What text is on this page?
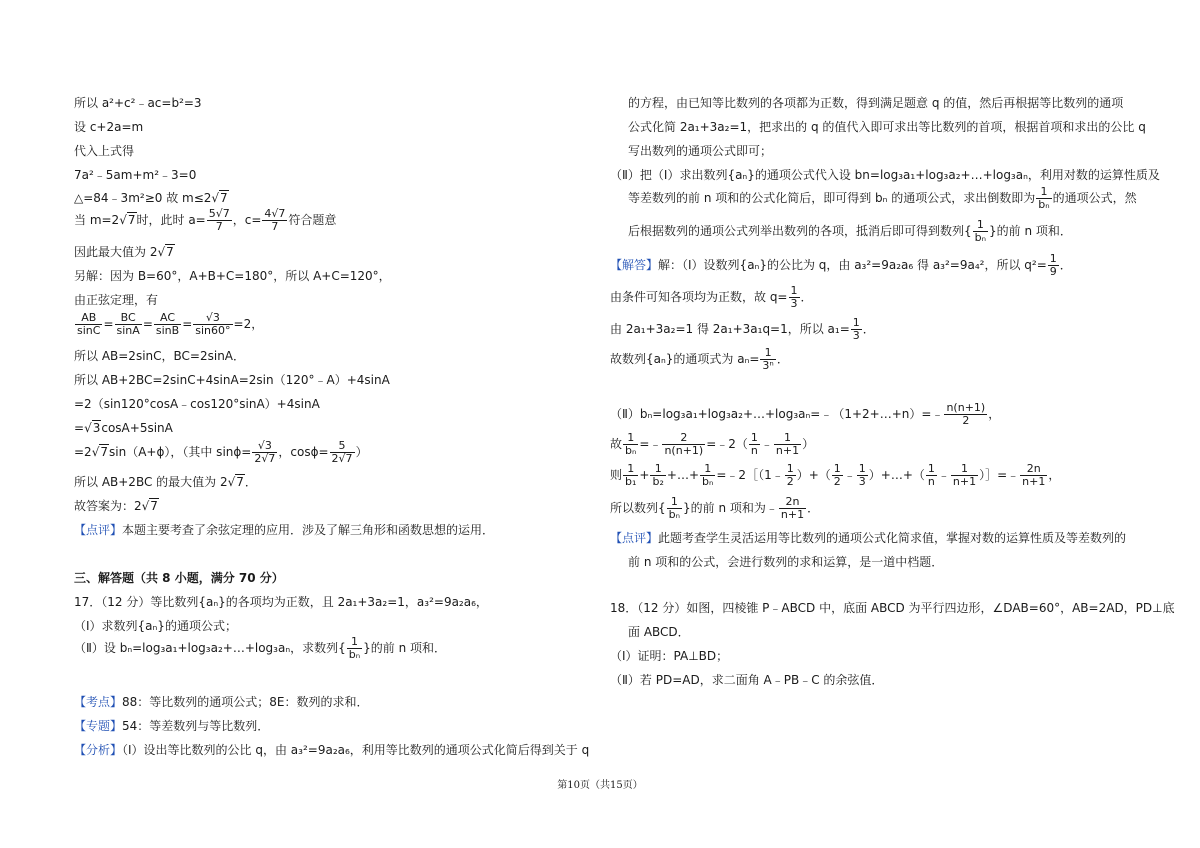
所以 a²+c²﹣ac=b²=3
设 c+2a=m
代入上式得
7a²﹣5am+m²﹣3=0
△=84﹣3m²≥0 故 m≤2√7
当 m=2√7时，此时 $a= \frac{5√7}{7}$ ，$c= \frac{4√7}{7}$ 符合题意
因此最大值为 2√7
另解：因为 B=60°，A+B+C=180°，所以 A+C=120°，
由正弦定理，有
$\frac{AB}{\sin C} = \frac{BC}{\sin A} = \frac{AC}{\sin B} = \frac{√3}{\sin 60^\circ} =2$，
所以 AB=2sinC，BC=2sinA．
所以 AB+2BC=2sinC+4sinA=2sin（120°﹣A）+4sinA
=2（sin120°cosA﹣cos120°sinA）+4sinA
=√3cosA+5sinA
=2√7sin（A+ϕ），（其中 $\sin\phi= \frac{√3}{2√7}$ ，$\cos\phi= \frac{5}{2√7}$ ）
所以 AB+2BC 的最大值为 2√7．
故答案为：2√7
【点评】本题主要考查了余弦定理的应用．涉及了解三角形和函数思想的运用．
三、解答题（共 8 小题，满分 70 分）
17．（12 分）等比数列{aₙ}的各项均为正数，且 2a₁+3a₂=1，a₃²=9a₂a₆，
（Ⅰ）求数列{aₙ}的通项公式；
（Ⅱ）设 bₙ=log₃a₁+log₃a₂+…+log₃aₙ，求数列{ $\frac{1}{\text{bₙ}}$ }的前 n 项和．
【考点】88：等比数列的通项公式；8E：数列的求和．
【专题】54：等差数列与等比数列．
【分析】（Ⅰ）设出等比数列的公比 q，由 a₃²=9a₂a₆，利用等比数列的通项公式化简后得到关于 q
的方程，由已知等比数列的各项都为正数，得到满足题意 q 的值，然后再根据等比数列的通项
公式化简 2a₁+3a₂=1，把求出的 q 的值代入即可求出等比数列的首项，根据首项和求出的公比 q
写出数列的通项公式即可；
（Ⅱ）把（Ⅰ）求出数列{aₙ}的通项公式代入设 bn=log₃a₁+log₃a₂+…+log₃aₙ，利用对数的运算性质及
等差数列的前 n 项和的公式化简后，即可得到 bₙ 的通项公式，求出倒数即为 $\frac{1}{\text{bₙ}}$ 的通项公式，然
后根据数列的通项公式列举出数列的各项，抵消后即可得到数列{ $\frac{1}{\text{bₙ}}$ }的前 n 项和．
【解答】解：（Ⅰ）设数列{aₙ}的公比为 q，由 a₃²=9a₂a₆ 得 a₃²=9a₄²，所以 $q^2= \frac{1}{9}$ ．
由条件可知各项均为正数，故 $q= \frac{1}{3}$ ．
由 2a₁+3a₂=1 得 2a₁+3a₁q=1，所以 $a_1= \frac{1}{3}$ ．
故数列{aₙ}的通项式为 $a_n= \frac{1}{\text{3ⁿ}}$ ．
（Ⅱ）bₙ=log₃a₁+log₃a₂+…+log₃aₙ=﹣（1+2+…+n）=﹣ $\frac{n(n+1)}{2}$ ，
故 $\frac{1}{\text{bₙ}}$ =﹣ $\frac{2}{n(n+1)}$ =﹣2（ $\frac{1}{n}$ ﹣ $\frac{1}{n+1}$ ）
则 $\frac{1}{\text{b₁}} + \frac{1}{\text{b₂}}$ +…+ $\frac{1}{\text{bₙ}}$ =﹣2［（1﹣ $\frac{1}{2}$ ）+（ $\frac{1}{2}$ ﹣ $\frac{1}{3}$ ）+…+（ $\frac{1}{n}$ ﹣ $\frac{1}{n+1}$ ）］=﹣ $\frac{2n}{n+1}$ ，
所以数列{ $\frac{1}{\text{bₙ}}$ }的前 n 项和为﹣ $\frac{2n}{n+1}$ ．
【点评】此题考查学生灵活运用等比数列的通项公式化简求值，掌握对数的运算性质及等差数列的
前 n 项和的公式，会进行数列的求和运算，是一道中档题．
18．（12 分）如图，四棱锥 P﹣ABCD 中，底面 ABCD 为平行四边形，∠DAB=60°，AB=2AD，PD⊥底
面 ABCD．
（Ⅰ）证明：PA⊥BD；
（Ⅱ）若 PD=AD，求二面角 A﹣PB﹣C 的余弦值．
第10页（共15页）
